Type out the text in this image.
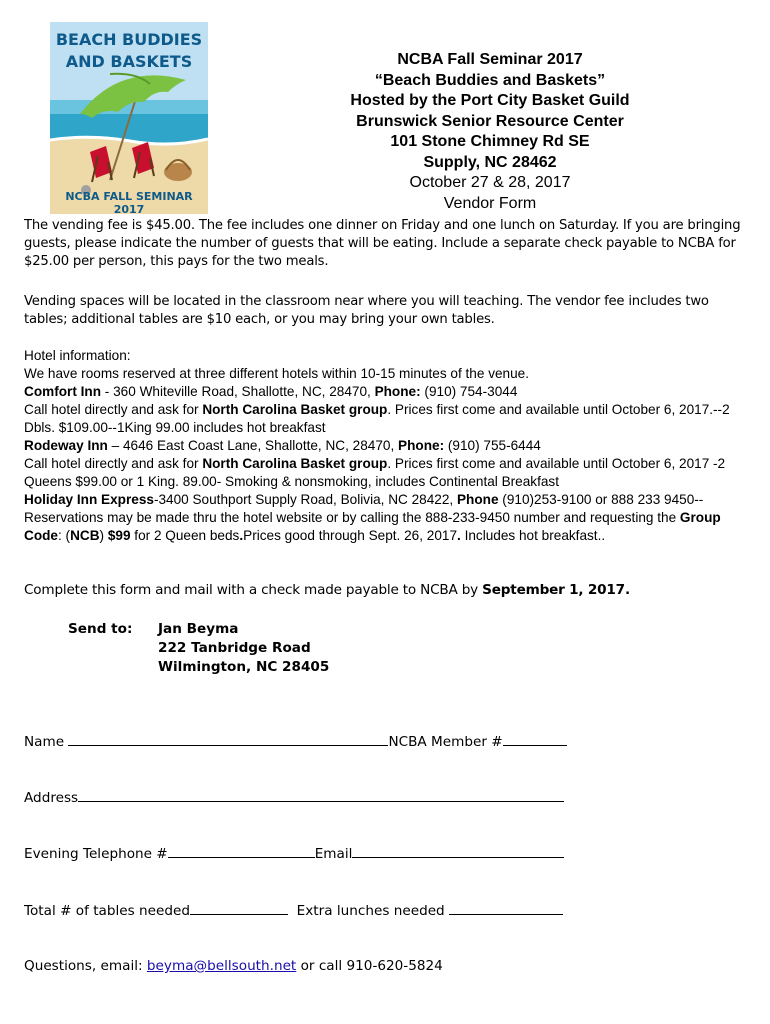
BEACH BUDDIES
AND BASKETS
NCBA FALL SEMINAR 2017
NCBA Fall Seminar 2017
“Beach Buddies and Baskets”
Hosted by the Port City Basket Guild
Brunswick Senior Resource Center
101 Stone Chimney Rd SE
Supply, NC 28462
October 27 & 28, 2017
Vendor Form
The vending fee is $45.00. The fee includes one dinner on Friday and one lunch on Saturday. If you are bringing guests, please indicate the number of guests that will be eating. Include a separate check payable to NCBA for $25.00 per person, this pays for the two meals.
Vending spaces will be located in the classroom near where you will teaching. The vendor fee includes two tables; additional tables are $10 each, or you may bring your own tables.
Hotel information:
We have rooms reserved at three different hotels within 10-15 minutes of the venue.
Comfort Inn - 360 Whiteville Road, Shallotte, NC, 28470, Phone: (910) 754-3044
Call hotel directly and ask for North Carolina Basket group. Prices first come and available until October 6, 2017.--2 Dbls. $109.00--1King 99.00 includes hot breakfast
Rodeway Inn – 4646 East Coast Lane, Shallotte, NC, 28470, Phone: (910) 755-6444
Call hotel directly and ask for North Carolina Basket group. Prices first come and available until October 6, 2017 -2 Queens $99.00 or 1 King. 89.00- Smoking & nonsmoking, includes Continental Breakfast
Holiday Inn Express-3400 Southport Supply Road, Bolivia, NC 28422, Phone (910)253-9100 or 888 233 9450--Reservations may be made thru the hotel website or by calling the 888-233-9450 number and requesting the Group Code: (NCB) $99 for 2 Queen beds.Prices good through Sept. 26, 2017. Includes hot breakfast..
Complete this form and mail with a check made payable to NCBA by September 1, 2017.
Send to: Jan Beyma
222 Tanbridge Road
Wilmington, NC 28405
Name	NCBA Member #
Address
Evening Telephone #	Email
Total # of tables needed	Extra lunches needed
Questions, email: beyma@bellsouth.net or call 910-620-5824
